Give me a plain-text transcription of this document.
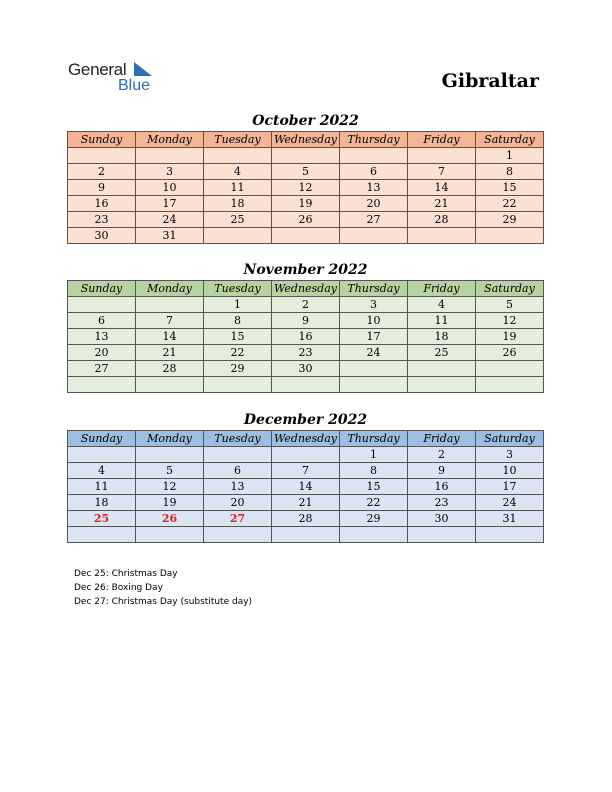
General
Blue	Gibraltar
October 2022
Sunday	Monday	Tuesday	Wednesday	Thursday	Friday	Saturday
						1
2	3	4	5	6	7	8
9	10	11	12	13	14	15
16	17	18	19	20	21	22
23	24	25	26	27	28	29
30	31					
November 2022
Sunday	Monday	Tuesday	Wednesday	Thursday	Friday	Saturday
		1	2	3	4	5
6	7	8	9	10	11	12
13	14	15	16	17	18	19
20	21	22	23	24	25	26
27	28	29	30			

December 2022
Sunday	Monday	Tuesday	Wednesday	Thursday	Friday	Saturday
				1	2	3
4	5	6	7	8	9	10
11	12	13	14	15	16	17
18	19	20	21	22	23	24
25	26	27	28	29	30	31

Dec 25: Christmas Day
Dec 26: Boxing Day
Dec 27: Christmas Day (substitute day)
